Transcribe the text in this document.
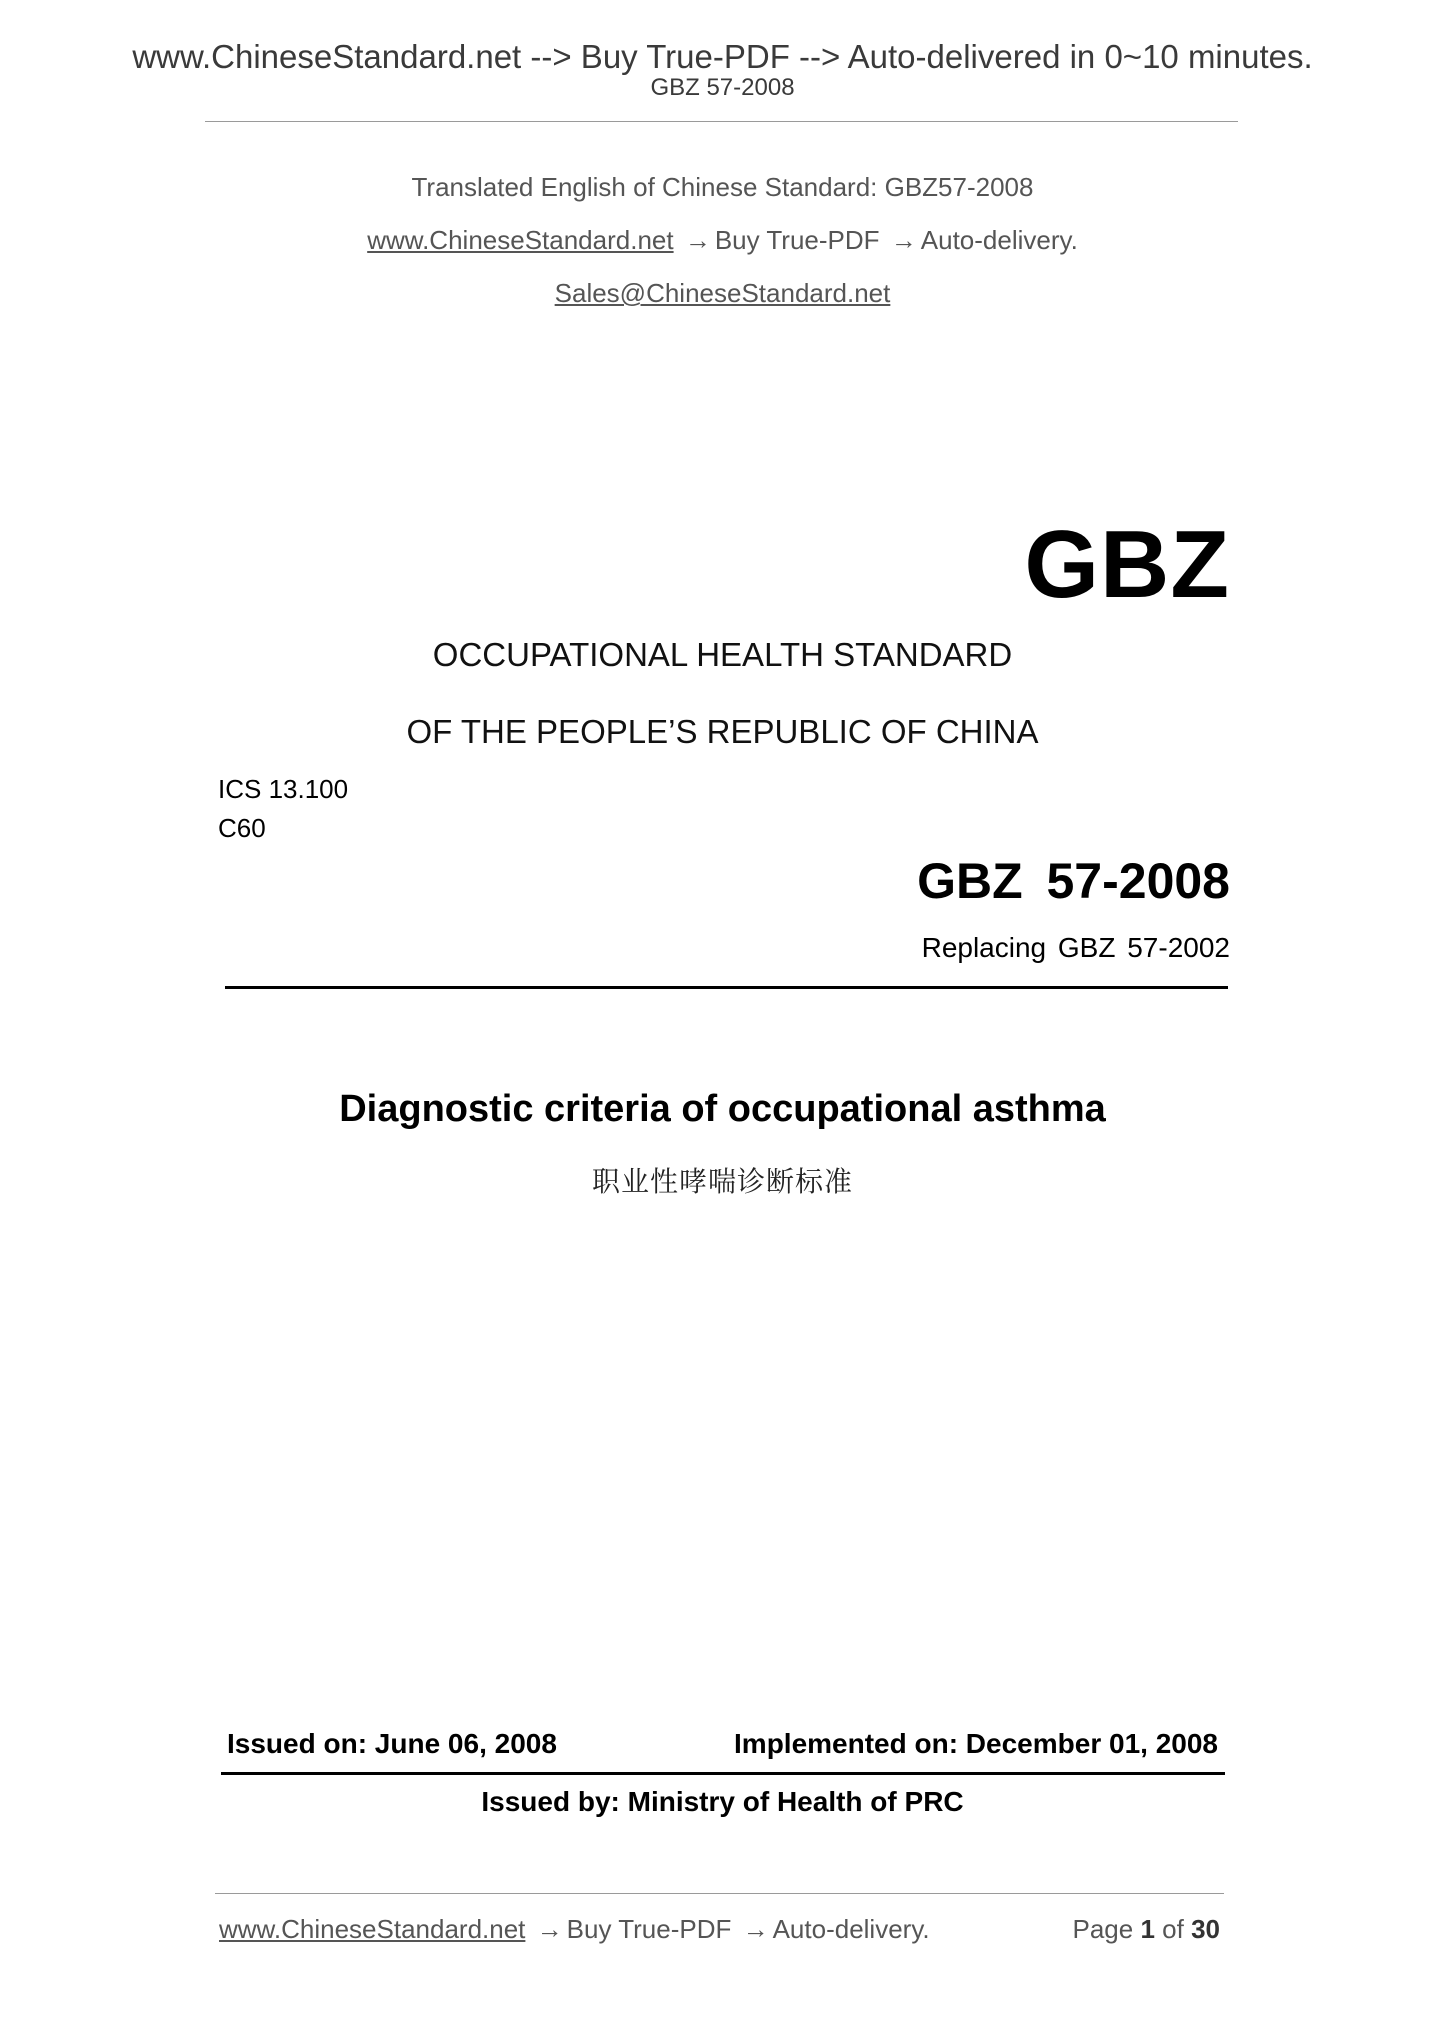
www.ChineseStandard.net --> Buy True-PDF --> Auto-delivered in 0~10 minutes.
GBZ 57-2008
Translated English of Chinese Standard: GBZ57-2008
www.ChineseStandard.net → Buy True-PDF → Auto-delivery.
Sales@ChineseStandard.net
GBZ
OCCUPATIONAL HEALTH STANDARD
OF THE PEOPLE’S REPUBLIC OF CHINA
ICS 13.100
C60
GBZ 57-2008
Replacing GBZ 57-2002
Diagnostic criteria of occupational asthma
职业性哮喘诊断标准
Issued on: June 06, 2008	Implemented on: December 01, 2008
Issued by: Ministry of Health of PRC
www.ChineseStandard.net → Buy True-PDF → Auto-delivery.	Page 1 of 30
